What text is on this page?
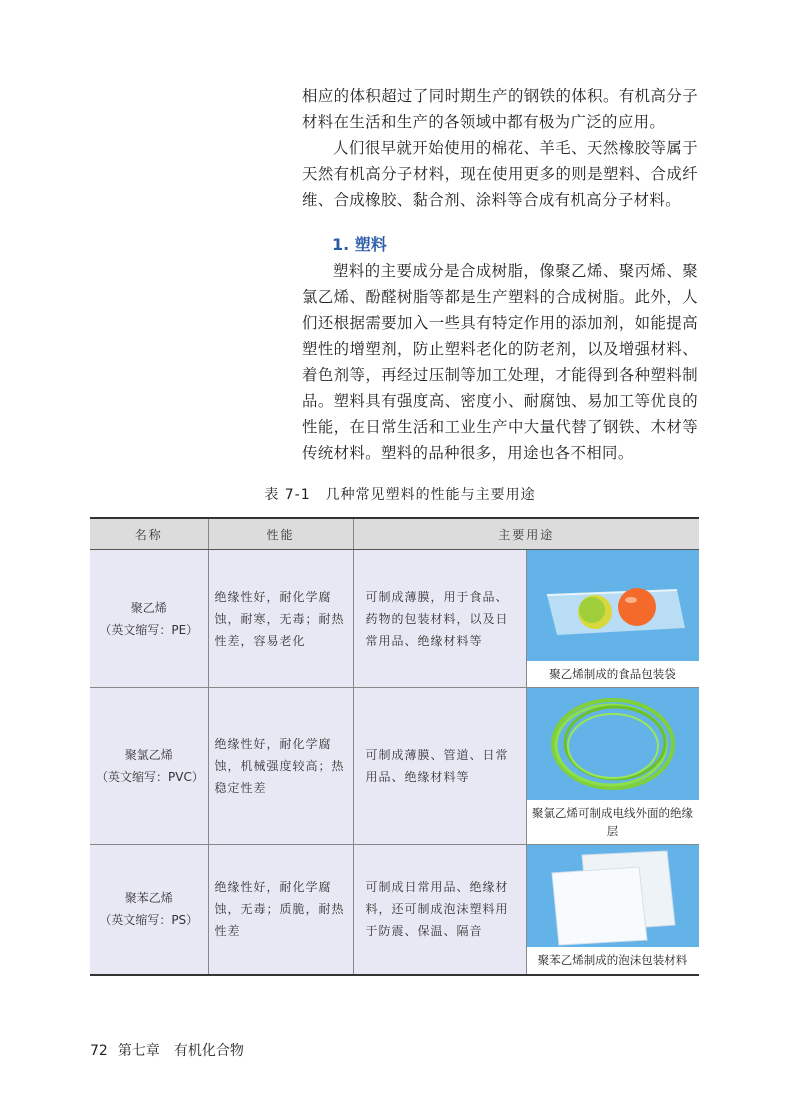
相应的体积超过了同时期生产的钢铁的体积。有机高分子材料在生活和生产的各领域中都有极为广泛的应用。

人们很早就开始使用的棉花、羊毛、天然橡胶等属于天然有机高分子材料，现在使用更多的则是塑料、合成纤维、合成橡胶、黏合剂、涂料等合成有机高分子材料。

1. 塑料

塑料的主要成分是合成树脂，像聚乙烯、聚丙烯、聚氯乙烯、酚醛树脂等都是生产塑料的合成树脂。此外，人们还根据需要加入一些具有特定作用的添加剂，如能提高塑性的增塑剂，防止塑料老化的防老剂，以及增强材料、着色剂等，再经过压制等加工处理，才能得到各种塑料制品。塑料具有强度高、密度小、耐腐蚀、易加工等优良的性能，在日常生活和工业生产中大量代替了钢铁、木材等传统材料。塑料的品种很多，用途也各不相同。

表 7-1　几种常见塑料的性能与主要用途
名称	性能	主要用途	

聚乙烯
（英文缩写：PE）	绝缘性好，耐化学腐蚀，耐寒，无毒；耐热性差，容易老化	可制成薄膜，用于食品、药物的包装材料，以及日常用品、绝缘材料等	聚乙烯制成的食品包装袋

聚氯乙烯
（英文缩写：PVC）	绝缘性好，耐化学腐蚀，机械强度较高；热稳定性差	可制成薄膜、管道、日常用品、绝缘材料等	聚氯乙烯可制成电线外面的绝缘层

聚苯乙烯
（英文缩写：PS）	绝缘性好，耐化学腐蚀，无毒；质脆，耐热性差	可制成日常用品、绝缘材料，还可制成泡沫塑料用于防震、保温、隔音	聚苯乙烯制成的泡沫包装材料
72 第七章 有机化合物
